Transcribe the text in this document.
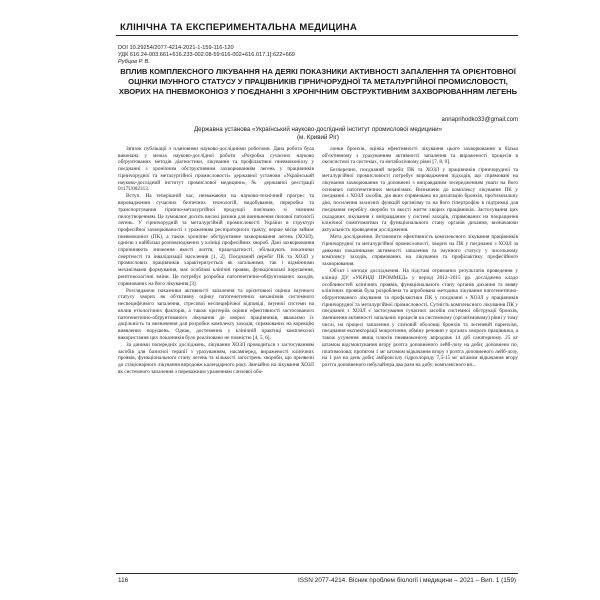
КЛІНІЧНА ТА ЕКСПЕРИМЕНТАЛЬНА МЕДИЦИНА
DOI 10.29254/2077-4214-2021-1-159-116-120
УДК 616.24-003.661+616.233-002.08-59:616-002+616.017.1]:622+669
Рубцов Р. В.
ВПЛИВ КОМПЛЕКСНОГО ЛІКУВАННЯ НА ДЕЯКІ ПОКАЗНИКИ АКТИВНОСТІ ЗАПАЛЕННЯ ТА ОРІЄНТОВНОЇ ОЦІНКИ ІМУННОГО СТАТУСУ У ПРАЦІВНИКІВ ГІРНИЧОРУДНОЇ ТА МЕТАЛУРГІЙНОЇ ПРОМИСЛОВОСТІ, ХВОРИХ НА ПНЕВМОКОНІОЗ У ПОЄДНАННІ З ХРОНІЧНИМ ОБСТРУКТИВНИМ ЗАХВОРЮВАННЯМ ЛЕГЕНЬ
annaprihodko33@gmail.com
Державна установа «Український науково-дослідний інститут промислової медицини»
(м. Кривий Ріг)

Зв'язок публікації з плановими науково-дослідними роботами. Дана робота була виконана у межах науково-дослідної роботи «Розробка сучасних науково обґрунтованих методів діагностики, лікування та профілактики пневмоконіозу у поєднанні з хронічним обструктивним захворюванням легень у працівників гірничорудної та металургійної промисловості» державної установи «Український науково-дослідний інститут промислової медицини», № державної реєстрації 0117U002313.

Вступ. На теперішній час, незважаючи на науково-технічний прогрес та впровадження сучасних безпечних технологій, видобування, переробка та транспортування гірничо-металургійної продукції пов'язано зі значним пилоутворенням. Це зумовлює досить високі ризики для виникнення пилової патології легень. У гірничорудній та металургійній промисловості України в структурі професійної захворюваності з ураженням респіраторного тракту, перше місце займає пневмоконіоз (ПК), а також хронічне обструктивне захворювання легень (ХОЗЛ), однією з найбільш розповсюджених у клініці професійних хвороб. Дані захворювання спричиняють зниження якості життя, працездатності, збільшують показники смертності та інвалідизації населення [1, 2]. Поєднаний перебіг ПК та ХОЗЛ у промислових працівників характеризується як загальними, так і відмінними механізмами формування, має особливі клінічні прояви, функціональні порушення, рентгенологічні зміни. Це потребує розробки патогенетично-обґрунтованих заходів, спрямованих на його лікування [3].

Розглядаючи показники активності запалення та орієнтовної оцінки імунного статусу хворих як об'єктивну оцінку патогенетичних механізмів системного неспецифічного запалення, стресової неспецифічної відповіді, імунної системи на вплив етіологічних факторів, а також критеріїв оцінки ефективності застосованого патогенетично-обґрунтованого лікування до хворих працівників, вважаємо їх доцільність та визначення для розробки комплексу заходів, спрямованих на корекцію виявлених порушень. Однак, достеменно у клінічній практиці комплексної використання цих показників було реалізовано не повністю [4, 5, 6].

За даними попередніх досліджень, лікування ХОЗЛ проводиться з застосуванням засобів для базисної терапії з урахуванням, насамперед, вираженості клінічних проявів, функціонального стану легень та кількості загострень хвороби, що призвели до стаціонарного лікування впродовж календарного року. Звичайно на лікування ХОЗЛ як системного запалення з переважним ураженням слизової обо-

лонки бронхів, оцінка ефективності лікування цього захворювання в більш об'єктивному з урахуванням активності запалення та вираженості процесів в оксисистемі та системах, та метаболічному рівні [7, 8, 9].

Безперечно, поєднаний перебіг ПК та ХОЗЛ у працівників гірничорудної та металургійної промисловості потребує впровадження підходів, що спрямовані на лікування захворювання та доповнені з виправданим зосередженням уваги на його основних патогенетичних механізмах. Визначено до комплексу лікування ПК у поєднанні з ХОЗЛ засобів, дія яких спрямована на дилатацію бронхів, протизапальну дію, посилення захисних функцій організму та на його гіпертрофію в підтримці для поєднання перебігу хвороби та якості життя хворих працівників. Застосування цих складових лікування є виправданим у системі заходів, спрямованих на покращення клінічної симптоматики та функціонального стану органів дихання, визначаючи актуальність проведення дослідження.

Мета дослідження. Встановити ефективність комплексного лікування працівників гірничорудної та металургійної промисловості, хворих на ПК у поєднанні з ХОЗЛ за деякими показниками активності запалення та імунного статусу у чисельному комплексу заходів, спрямованих на лікування та профілактику професійного захворювання.

Об'єкт і методи дослідження. На підставі отриманих результатів проведення у клініці ДУ «УКРНДІ ПРОММЕД» у період 2012–2015 рр. досліджено кладо особливостей клінічних проявів, функціонального стану органів дихання та вияву клінічних проявів була розроблена та апробована методика лікування патогенетично-обґрунтованого лікування та профілактики ПК у поєднанні з ХОЗЛ у працівників гірничорудної та металургійної промисловості. Сутність комплексного лікування ПК у поєднанні з ХОЗЛ є застосування сучасних засобів системної обструкції бронхів, зменшення активності запальних процесів на системному (організмовому) рівні у тому числі, на процесі запалення у слизовій оболонці бронхів та легеневій паренхімі, поєднання експекторації мокротиння, обміну речовин у органах хворого працівника, а також усунення явищ плюсів пневмоконіозу впродовж 14 діб санаторному. 25 кг штамом відсмоктування вгору розтга доповненого лейб-лозу на доби; доповнено по, ппатимолова; протягом 1 мг штамом відкачання вгору з розтга доповненого лейб-лозу, на 1 раз на день доби; амброксолу гідрохлориду 7,5-15 мг штамом відкачання вгору розтга доповненого небулайзера два рази на добу; комплексного вп...

116	ISSN 2077-4214. Вісник проблем біології і медицини – 2021 – Вип. 1 (159)
